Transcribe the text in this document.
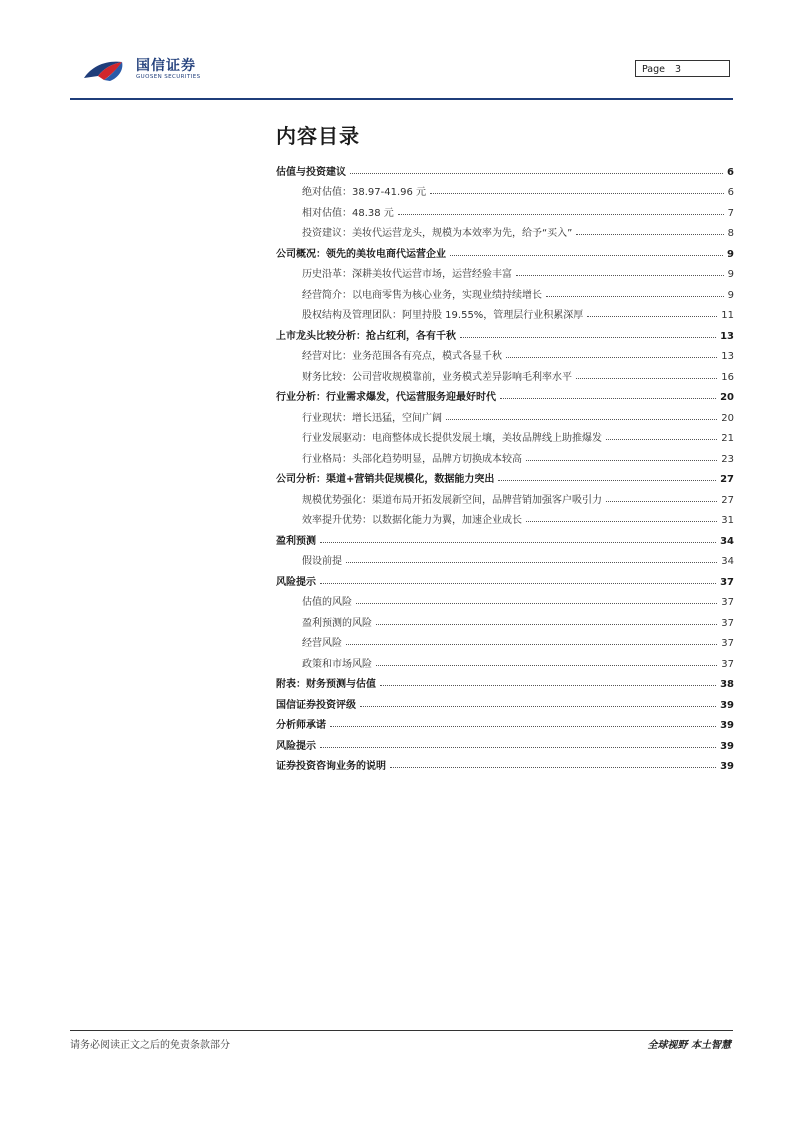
国信证券
GUOSEN SECURITIES
Page 3
内容目录
估值与投资建议	6
绝对估值：38.97-41.96 元	6
相对估值：48.38 元	7
投资建议：美妆代运营龙头，规模为本效率为先，给予“买入”	8
公司概况：领先的美妆电商代运营企业	9
历史沿革：深耕美妆代运营市场，运营经验丰富	9
经营简介：以电商零售为核心业务，实现业绩持续增长	9
股权结构及管理团队：阿里持股 19.55%，管理层行业积累深厚	11
上市龙头比较分析：抢占红利，各有千秋	13
经营对比：业务范围各有亮点，模式各显千秋	13
财务比较：公司营收规模靠前，业务模式差异影响毛利率水平	16
行业分析：行业需求爆发，代运营服务迎最好时代	20
行业现状：增长迅猛，空间广阔	20
行业发展驱动：电商整体成长提供发展土壤，美妆品牌线上助推爆发	21
行业格局：头部化趋势明显，品牌方切换成本较高	23
公司分析：渠道+营销共促规模化，数据能力突出	27
规模优势强化：渠道布局开拓发展新空间，品牌营销加强客户吸引力	27
效率提升优势：以数据化能力为翼，加速企业成长	31
盈利预测	34
假设前提	34
风险提示	37
估值的风险	37
盈利预测的风险	37
经营风险	37
政策和市场风险	37
附表：财务预测与估值	38
国信证券投资评级	39
分析师承诺	39
风险提示	39
证券投资咨询业务的说明	39
请务必阅读正文之后的免责条款部分	全球视野 本土智慧
